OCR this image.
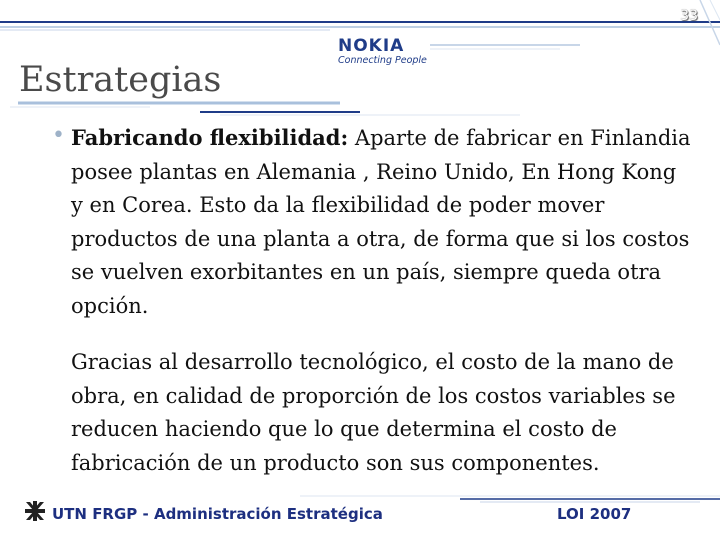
33
NOKIA
Connecting People
Estrategias
• Fabricando flexibilidad: Aparte de fabricar en Finlandia posee plantas en Alemania , Reino Unido, En Hong Kong y en Corea. Esto da la flexibilidad de poder mover productos de una planta a otra, de forma que si los costos se vuelven exorbitantes en un país, siempre queda otra opción.
Gracias al desarrollo tecnológico, el costo de la mano de obra, en calidad de proporción de los costos variables se reducen haciendo que lo que determina el costo de fabricación de un producto son sus componentes.
UTN FRGP - Administración Estratégica	LOI 2007
